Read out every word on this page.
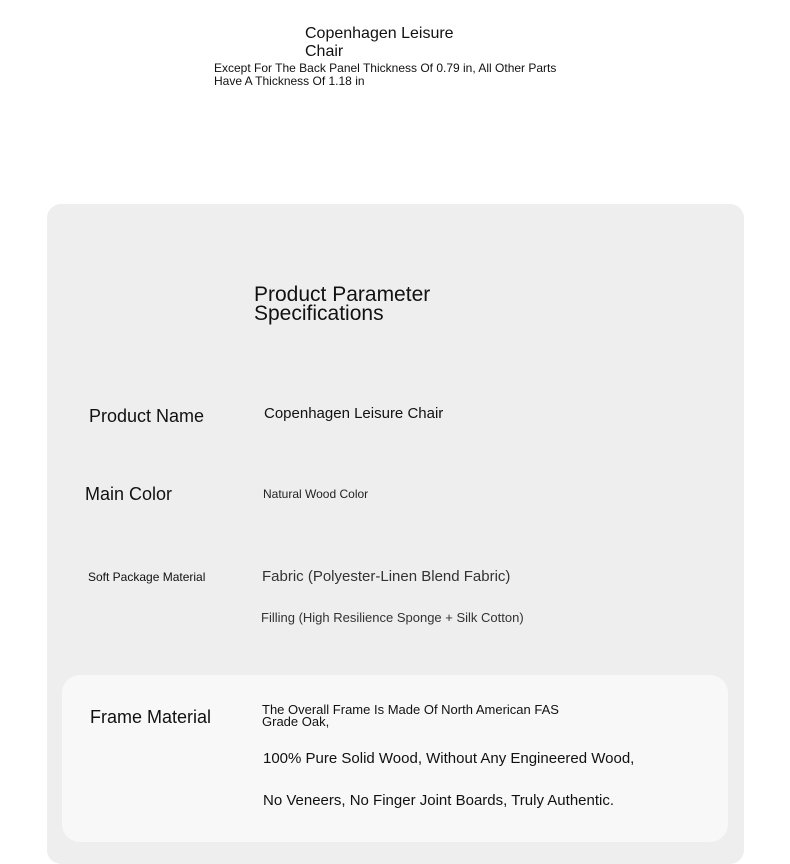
Copenhagen Leisure Chair
Except For The Back Panel Thickness Of 0.79 in, All Other Parts Have A Thickness Of 1.18 in
Product Parameter Specifications
Product Name	Copenhagen Leisure Chair
Main Color	Natural Wood Color
Soft Package Material	Fabric (Polyester-Linen Blend Fabric)
Filling (High Resilience Sponge + Silk Cotton)
Frame Material	The Overall Frame Is Made Of North American FAS Grade Oak,
100% Pure Solid Wood, Without Any Engineered Wood,
No Veneers, No Finger Joint Boards, Truly Authentic.
